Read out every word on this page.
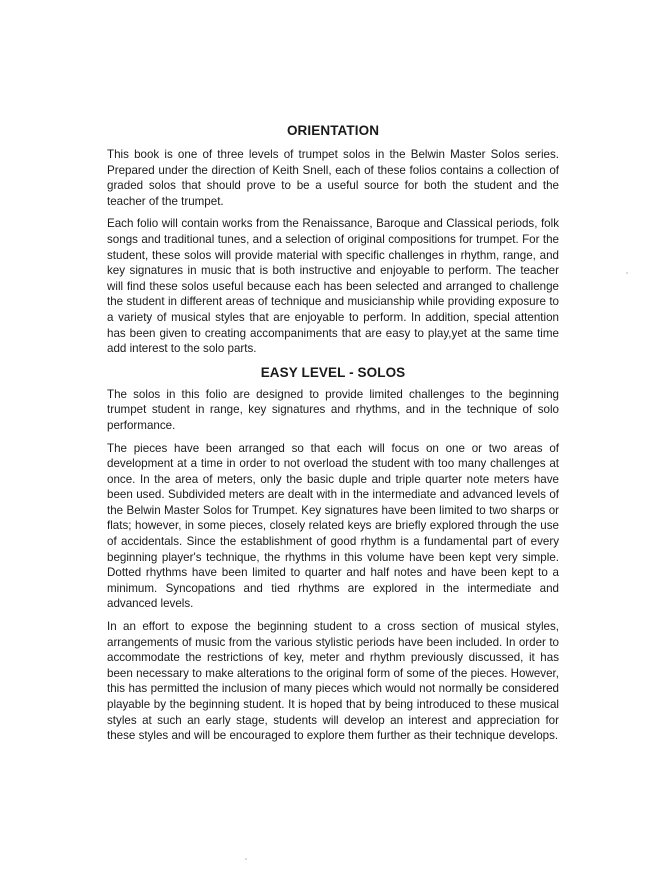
ORIENTATION

This book is one of three levels of trumpet solos in the Belwin Master Solos series. Prepared under the direction of Keith Snell, each of these folios contains a collection of graded solos that should prove to be a useful source for both the student and the teacher of the trumpet.

Each folio will contain works from the Renaissance, Baroque and Classical periods, folk songs and traditional tunes, and a selection of original compositions for trumpet. For the student, these solos will provide material with specific challenges in rhythm, range, and key signatures in music that is both instructive and enjoyable to perform. The teacher will find these solos useful because each has been selected and arranged to challenge the student in different areas of technique and musicianship while providing exposure to a variety of musical styles that are enjoyable to perform. In addition, special attention has been given to creating accompaniments that are easy to play,yet at the same time add interest to the solo parts.

EASY LEVEL - SOLOS

The solos in this folio are designed to provide limited challenges to the beginning trumpet student in range, key signatures and rhythms, and in the technique of solo performance.

The pieces have been arranged so that each will focus on one or two areas of development at a time in order to not overload the student with too many challenges at once. In the area of meters, only the basic duple and triple quarter note meters have been used. Subdivided meters are dealt with in the intermediate and advanced levels of the Belwin Master Solos for Trumpet. Key signatures have been limited to two sharps or flats; however, in some pieces, closely related keys are briefly explored through the use of accidentals. Since the establishment of good rhythm is a fundamental part of every beginning player's technique, the rhythms in this volume have been kept very simple. Dotted rhythms have been limited to quarter and half notes and have been kept to a minimum. Syncopations and tied rhythms are explored in the intermediate and advanced levels.

In an effort to expose the beginning student to a cross section of musical styles, arrangements of music from the various stylistic periods have been included. In order to accommodate the restrictions of key, meter and rhythm previously discussed, it has been necessary to make alterations to the original form of some of the pieces. However, this has permitted the inclusion of many pieces which would not normally be considered playable by the beginning student. It is hoped that by being introduced to these musical styles at such an early stage, students will develop an interest and appreciation for these styles and will be encouraged to explore them further as their technique develops.
